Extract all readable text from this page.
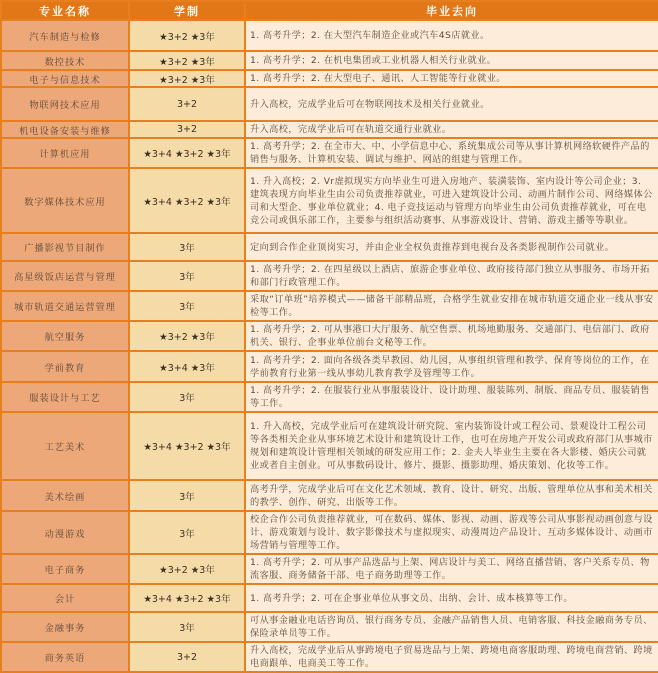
专业名称	学制	毕业去向
汽车制造与检修	★3+2 ★3年	1. 高考升学；2. 在大型汽车制造企业或汽车4S店就业。
数控技术	★3+2 ★3年	1. 高考升学；2. 在机电集团或工业机器人相关行业就业。
电子与信息技术	★3+2 ★3年	1. 高考升学；2. 在大型电子、通讯、人工智能等行业就业。
物联网技术应用	3+2	升入高校，完成学业后可在物联网技术及相关行业就业。
机电设备安装与维修	3+2	升入高校，完成学业后可在轨道交通行业就业。
计算机应用	★3+4 ★3+2 ★3年	1. 高考升学；2. 在全市大、中、小学信息中心、系统集成公司等从事计算机网络软硬件产品的销售与服务、计算机安装、调试与维护、网站的组建与管理工作。
数字媒体技术应用	★3+4 ★3+2 ★3年	1. 升入高校；2. Vr虚拟现实方向毕业生可进入房地产、装潢装饰、室内设计等公司企业；3. 建筑表现方向毕业生由公司负责推荐就业，可进入建筑设计公司、动画片制作公司、网络媒体公司和大型企、事业单位就业；4. 电子竞技运动与管理方向毕业生由公司负责推荐就业，可在电竞公司或俱乐部工作，主要参与组织活动赛事、从事游戏设计、营销、游戏主播等等职业。
广播影视节目制作	3年	定向到合作企业顶岗实习，并由企业全权负责推荐到电视台及各类影视制作公司就业。
高星级饭店运营与管理	3年	1. 高考升学；2. 在四星级以上酒店、旅游企事业单位、政府接待部门独立从事服务、市场开拓和部门行政管理工作。
城市轨道交通运营管理	3年	采取“订单班”培养模式——储备干部精品班，合格学生就业安排在城市轨道交通企业一线从事安检等工作。
航空服务	★3+2 ★3年	1. 高考升学；2. 可从事港口大厅服务、航空售票、机场地勤服务、交通部门、电信部门、政府机关、银行、企事业单位前台文秘等工作。
学前教育	★3+4 ★3年	1. 高考升学；2. 面向各级各类早教园、幼儿园，从事组织管理和教学、保育等岗位的工作，在学前教育行业第一线从事幼儿教育教学及管理等工作。
服装设计与工艺	3年	1. 高考升学；2. 在服装行业从事服装设计、设计助理、服装陈列、制版、商品专员、服装销售等工作。
工艺美术	★3+4 ★3+2 ★3年	1. 升入高校，完成学业后可在建筑设计研究院、室内装饰设计或工程公司、景观设计工程公司等各类相关企业从事环境艺术设计和建筑设计工作，也可在房地产开发公司或政府部门从事城市规划和建筑设计管理相关领域的研发应用工作；2. 金夫人毕业生主要在各大影楼、婚庆公司就业或者自主创业。可从事数码设计、修片、摄影、摄影助理、婚庆策划、化妆等工作。
美术绘画	3年	高考升学，完成学业后可在文化艺术领域、教育、设计、研究、出版、管理单位从事和美术相关的教学、创作、研究、出版等工作。
动漫游戏	3年	校企合作公司负责推荐就业，可在数码、媒体、影视、动画、游戏等公司从事影视动画创意与设计、游戏策划与设计、数字影像技术与虚拟现实、动漫周边产品设计、互动多媒体设计、动画市场营销与管理等工作。
电子商务	★3+2 ★3年	1. 高考升学；2. 可从事产品选品与上架、网店设计与美工、网络直播营销、客户关系专员、物流客服、商务储备干部、电子商务助理等工作。
会计	★3+4 ★3+2 ★3年	1. 高考升学；2. 可在企事业单位从事文员、出纳、会计、成本核算等工作。
金融事务	3年	可从事金融业电话咨询员、银行商务专员、金融产品销售人员、电销客服、科技金融商务专员、保险录单员等工作。
商务英语	3+2	升入高校，完成学业后从事跨境电子贸易选品与上架、跨境电商客服助理、跨境电商营销、跨境电商跟单、电商美工等工作。
